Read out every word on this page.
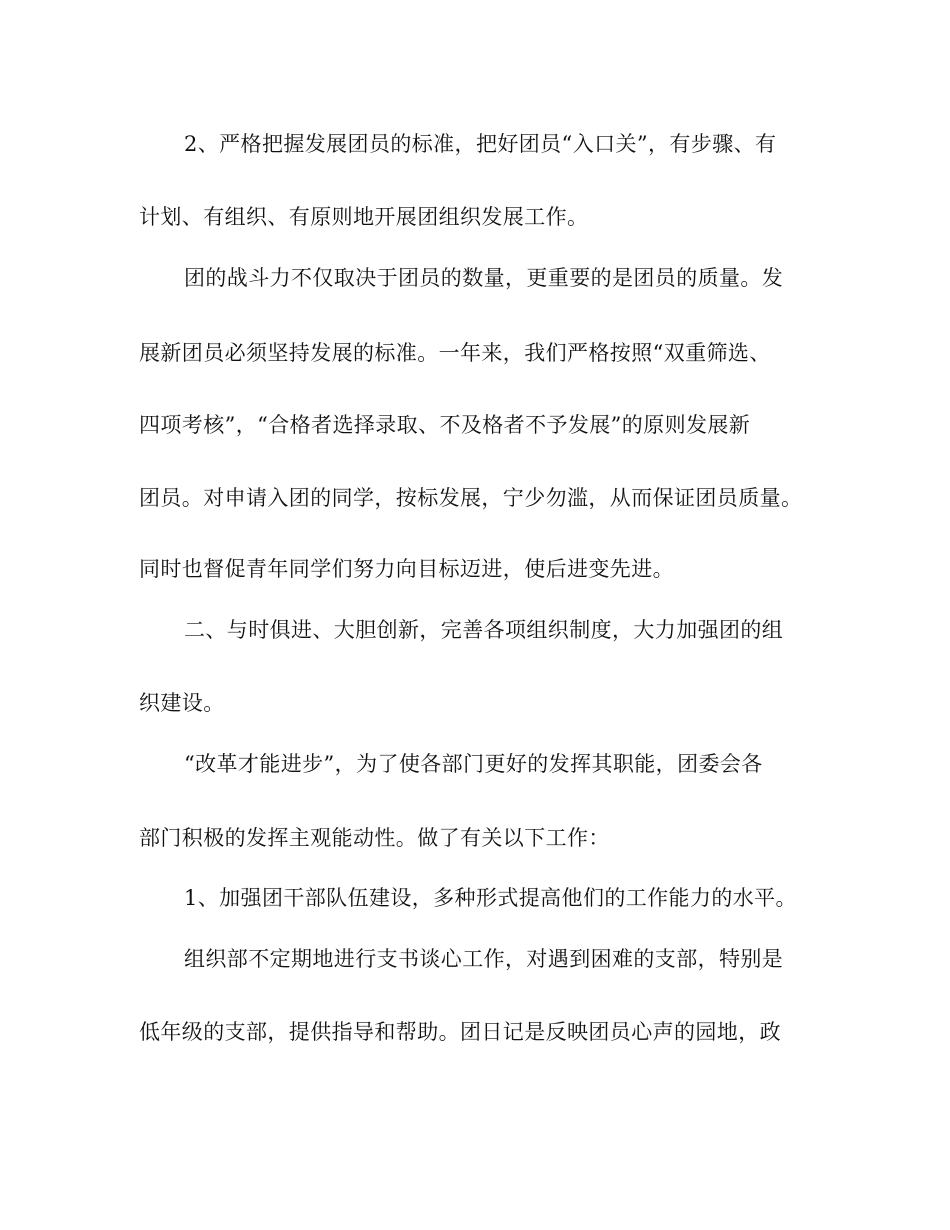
2、严格把握发展团员的标准，把好团员“入口关”，有步骤、有
计划、有组织、有原则地开展团组织发展工作。
团的战斗力不仅取决于团员的数量，更重要的是团员的质量。发
展新团员必须坚持发展的标准。一年来，我们严格按照“双重筛选、
四项考核”，“合格者选择录取、不及格者不予发展”的原则发展新
团员。对申请入团的同学，按标发展，宁少勿滥，从而保证团员质量。
同时也督促青年同学们努力向目标迈进，使后进变先进。
二、与时俱进、大胆创新，完善各项组织制度，大力加强团的组
织建设。
“改革才能进步”，为了使各部门更好的发挥其职能，团委会各
部门积极的发挥主观能动性。做了有关以下工作：
1、加强团干部队伍建设，多种形式提高他们的工作能力的水平。
组织部不定期地进行支书谈心工作，对遇到困难的支部，特别是
低年级的支部，提供指导和帮助。团日记是反映团员心声的园地，政
